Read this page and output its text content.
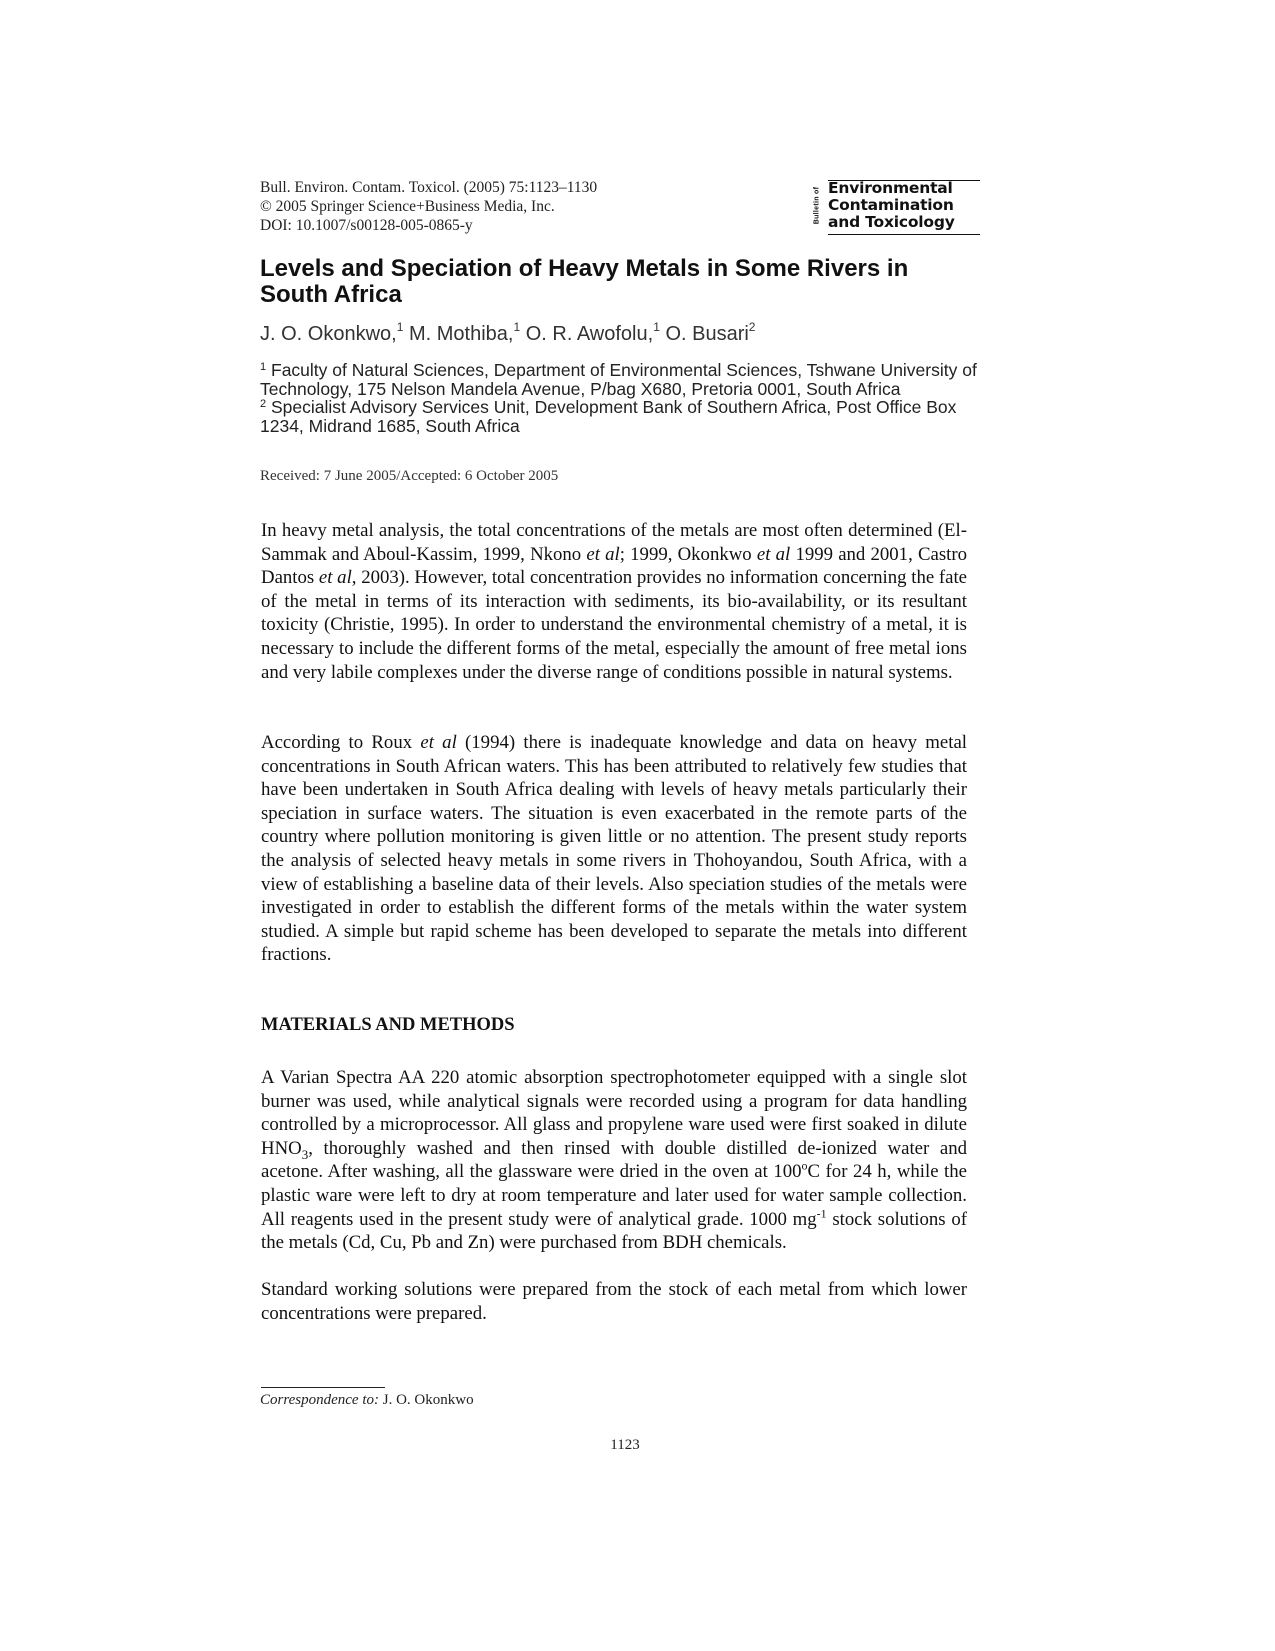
Bull. Environ. Contam. Toxicol. (2005) 75:1123–1130
© 2005 Springer Science+Business Media, Inc.
DOI: 10.1007/s00128-005-0865-y
Bulletin of Environmental
Contamination
and Toxicology
Levels and Speciation of Heavy Metals in Some Rivers in South Africa
J. O. Okonkwo,$^1$ M. Mothiba,$^1$ O. R. Awofolu,$^1$ O. Busari$^2$

$^1$ Faculty of Natural Sciences, Department of Environmental Sciences, Tshwane University of Technology, 175 Nelson Mandela Avenue, P/bag X680, Pretoria 0001, South Africa

$^2$ Specialist Advisory Services Unit, Development Bank of Southern Africa, Post Office Box 1234, Midrand 1685, South Africa

Received: 7 June 2005/Accepted: 6 October 2005

In heavy metal analysis, the total concentrations of the metals are most often determined (El-Sammak and Aboul-Kassim, 1999, Nkono et al; 1999, Okonkwo et al 1999 and 2001, Castro Dantos et al, 2003). However, total concentration provides no information concerning the fate of the metal in terms of its interaction with sediments, its bio-availability, or its resultant toxicity (Christie, 1995). In order to understand the environmental chemistry of a metal, it is necessary to include the different forms of the metal, especially the amount of free metal ions and very labile complexes under the diverse range of conditions possible in natural systems.

According to Roux et al (1994) there is inadequate knowledge and data on heavy metal concentrations in South African waters. This has been attributed to relatively few studies that have been undertaken in South Africa dealing with levels of heavy metals particularly their speciation in surface waters. The situation is even exacerbated in the remote parts of the country where pollution monitoring is given little or no attention. The present study reports the analysis of selected heavy metals in some rivers in Thohoyandou, South Africa, with a view of establishing a baseline data of their levels. Also speciation studies of the metals were investigated in order to establish the different forms of the metals within the water system studied. A simple but rapid scheme has been developed to separate the metals into different fractions.

MATERIALS AND METHODS

A Varian Spectra AA 220 atomic absorption spectrophotometer equipped with a single slot burner was used, while analytical signals were recorded using a program for data handling controlled by a microprocessor. All glass and propylene ware used were first soaked in dilute $HNO_3$, thoroughly washed and then rinsed with double distilled de-ionized water and acetone. After washing, all the glassware were dried in the oven at 100$^o$C for 24 h, while the plastic ware were left to dry at room temperature and later used for water sample collection. All reagents used in the present study were of analytical grade. 1000 $mg^{-1}$ stock solutions of the metals (Cd, Cu, Pb and Zn) were purchased from BDH chemicals.

Standard working solutions were prepared from the stock of each metal from which lower concentrations were prepared.

Correspondence to: J. O. Okonkwo
1123
